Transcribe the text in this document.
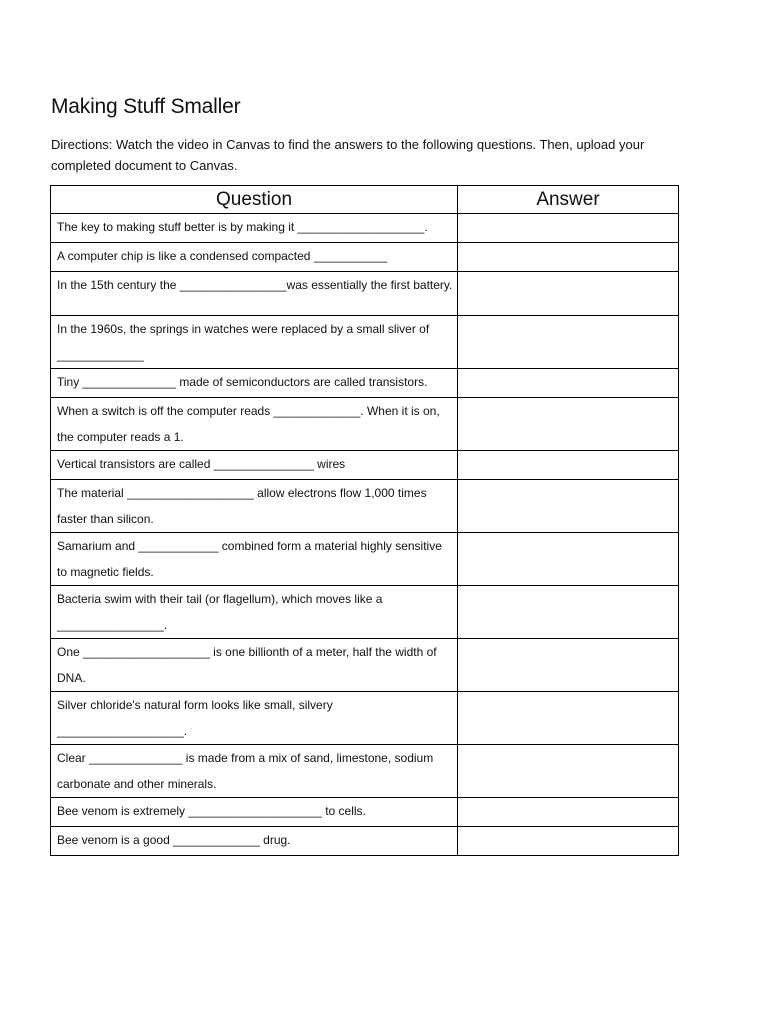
Making Stuff Smaller

Directions: Watch the video in Canvas to find the answers to the following questions. Then, upload your completed document to Canvas.

Question	Answer
The key to making stuff better is by making it ___________________.	
A computer chip is like a condensed compacted ___________	
In the 15th century the ________________was essentially the first battery.	
In the 1960s, the springs in watches were replaced by a small sliver of _____________	
Tiny ______________ made of semiconductors are called transistors.	
When a switch is off the computer reads _____________. When it is on, the computer reads a 1.	
Vertical transistors are called _______________ wires	
The material ___________________ allow electrons flow 1,000 times faster than silicon.	
Samarium and ____________ combined form a material highly sensitive to magnetic fields.	
Bacteria swim with their tail (or flagellum), which moves like a ________________.	
One ___________________ is one billionth of a meter, half the width of DNA.	
Silver chloride's natural form looks like small, silvery ___________________.	
Clear ______________ is made from a mix of sand, limestone, sodium carbonate and other minerals.	
Bee venom is extremely ____________________ to cells.	
Bee venom is a good _____________ drug.	
